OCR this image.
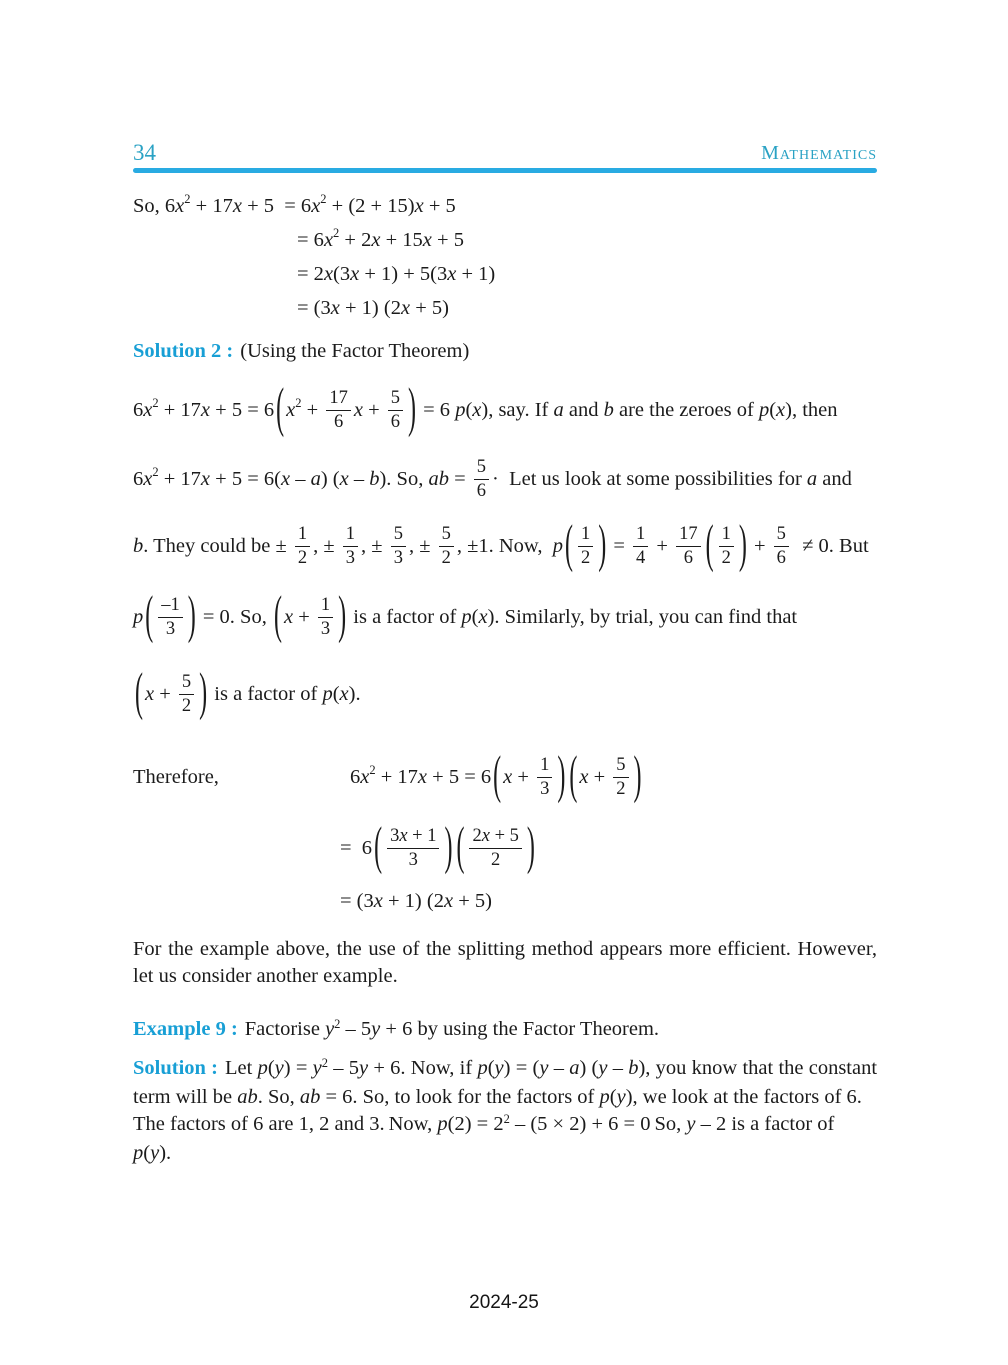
34	Mathematics
So, 6 x 2 + 17 x + 5  = 6 x 2 + (2 + 15) x + 5
= 6 x 2 + 2 x + 15 x + 5
= 2 x (3 x + 1) + 5(3 x + 1)
= (3 x + 1) (2 x + 5)

Solution 2 : (Using the Factor Theorem)

6 x 2 + 17 x + 5 = 6 ( x $2 + \frac{17}{6}$ $x + \frac{5}{6}$ ) = 6 p ( x ), say. If a and b are the zeroes of p ( x ), then
6 x 2 + 17 x + 5 = 6( x – a ) ( x – b ). So, ab = $\frac{5}{6}$ ·  Let us look at some possibilities for a and
b . They could be ± $\frac{1}{2}$ , ± $\frac{1}{3}$ , ± $\frac{5}{3}$ , ± $\frac{5}{2}$ , ±1. Now, p ( $\frac{1}{2}$ ) = $\frac{1}{4} + \frac{17}{6}$ ( $\frac{1}{2}$ ) + $\frac{5}{6} \ne 0$. But
p ( $\frac{-1}{3}$ ) = 0. So, ( $x + \frac{1}{3}$ ) is a factor of p ( x ). Similarly, by trial, you can find that
( $x + \frac{5}{2}$ ) is a factor of p ( x ).
Therefore,	6 x 2 + 17 x + 5 = 6 ( $x + \frac{1}{3}$ ) ( $x + \frac{5}{2}$ )
=  6 ( $\frac{3x + 1}{3}$ ) ( $\frac{2x + 5}{2}$ )
= (3 x + 1) (2 x + 5)

For the example above, the use of the splitting method appears more efficient. However, let us consider another example.

Example 9 : Factorise $y^2 - 5y + 6$ by using the Factor Theorem.

Solution : Let $p(y) = y^2 - 5y + 6$. Now, if p(y) = (y – a) (y – b), you know that the constant term will be ab. So, ab = 6. So, to look for the factors of p(y), we look at the factors of 6.

The factors of 6 are 1, 2 and 3.

Now, $p(2) = 2^2 - (5 \times 2) + 6 = 0$

So, y – 2 is a factor of p(y).

2024-25
